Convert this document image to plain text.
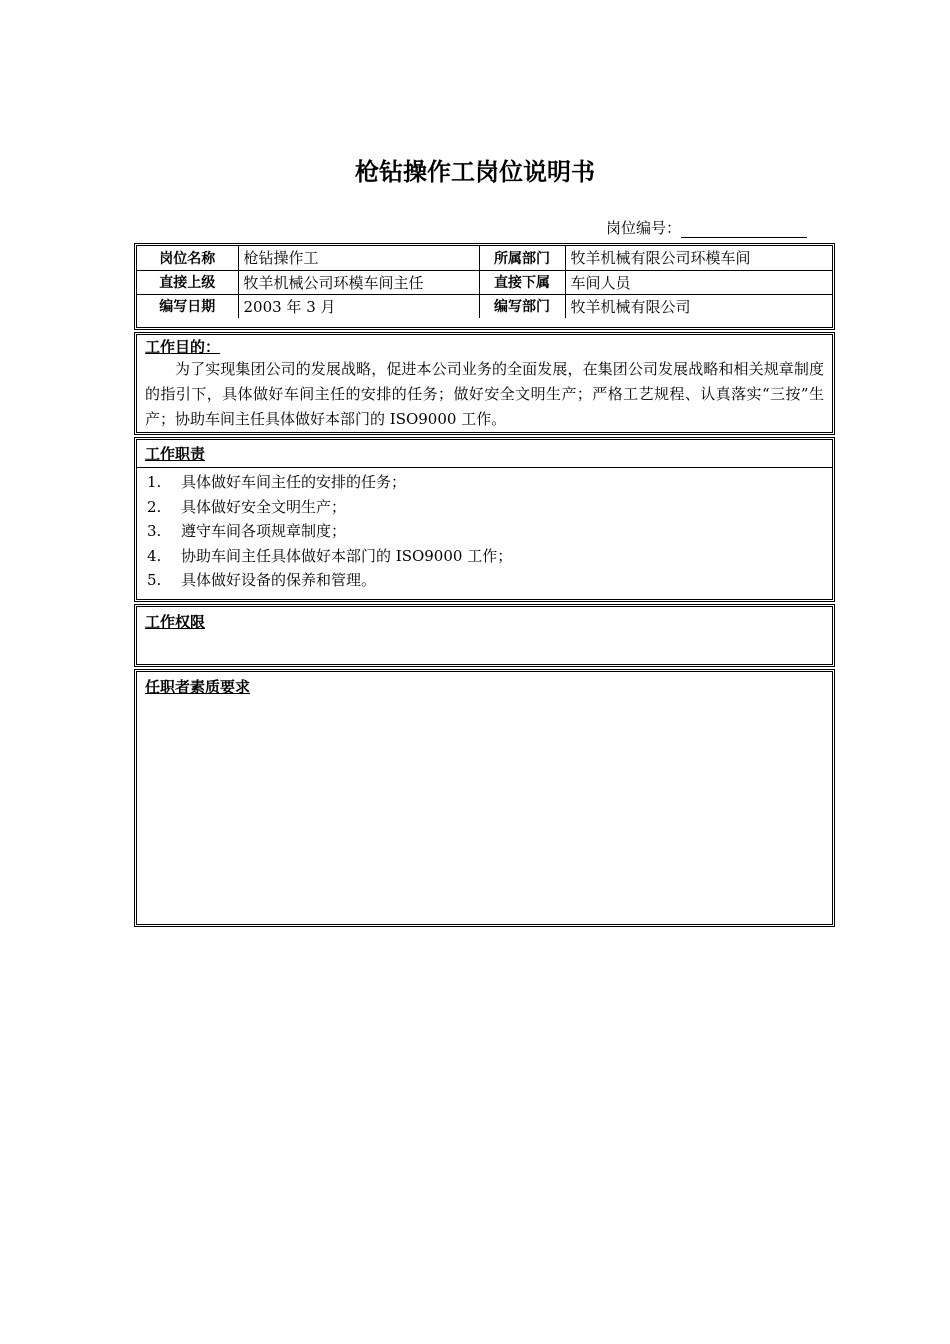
枪钻操作工岗位说明书
岗位编号：
岗位名称	枪钻操作工	所属部门	牧羊机械有限公司环模车间
直接上级	牧羊机械公司环模车间主任	直接下属	车间人员
编写日期	2003 年 3 月	编写部门	牧羊机械有限公司
工作目的：
为了实现集团公司的发展战略，促进本公司业务的全面发展，在集团公司发展战略和相关规章制度的指引下，具体做好车间主任的安排的任务；做好安全文明生产；严格工艺规程、认真落实“三按”生产；协助车间主任具体做好本部门的 ISO9000 工作。
工作职责
1. 具体做好车间主任的安排的任务；
2. 具体做好安全文明生产；
3. 遵守车间各项规章制度；
4. 协助车间主任具体做好本部门的 ISO9000 工作；
5. 具体做好设备的保养和管理。
工作权限
任职者素质要求
